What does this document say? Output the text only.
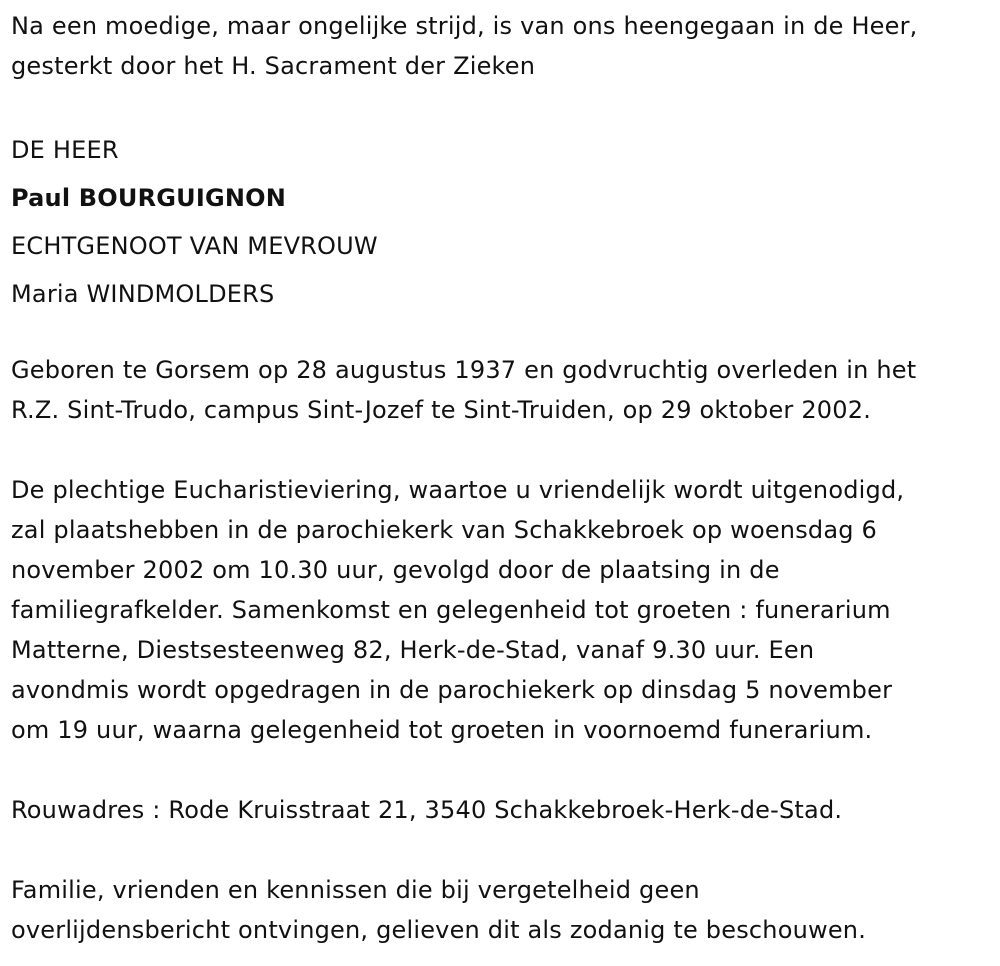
Na een moedige, maar ongelijke strijd, is van ons heengegaan in de Heer,
gesterkt door het H. Sacrament der Zieken
DE HEER
Paul BOURGUIGNON
ECHTGENOOT VAN MEVROUW
Maria WINDMOLDERS
Geboren te Gorsem op 28 augustus 1937 en godvruchtig overleden in het
R.Z. Sint-Trudo, campus Sint-Jozef te Sint-Truiden, op 29 oktober 2002.
De plechtige Eucharistieviering, waartoe u vriendelijk wordt uitgenodigd,
zal plaatshebben in de parochiekerk van Schakkebroek op woensdag 6
november 2002 om 10.30 uur, gevolgd door de plaatsing in de
familiegrafkelder. Samenkomst en gelegenheid tot groeten : funerarium
Matterne, Diestsesteenweg 82, Herk-de-Stad, vanaf 9.30 uur. Een
avondmis wordt opgedragen in de parochiekerk op dinsdag 5 november
om 19 uur, waarna gelegenheid tot groeten in voornoemd funerarium.
Rouwadres : Rode Kruisstraat 21, 3540 Schakkebroek-Herk-de-Stad.
Familie, vrienden en kennissen die bij vergetelheid geen
overlijdensbericht ontvingen, gelieven dit als zodanig te beschouwen.
